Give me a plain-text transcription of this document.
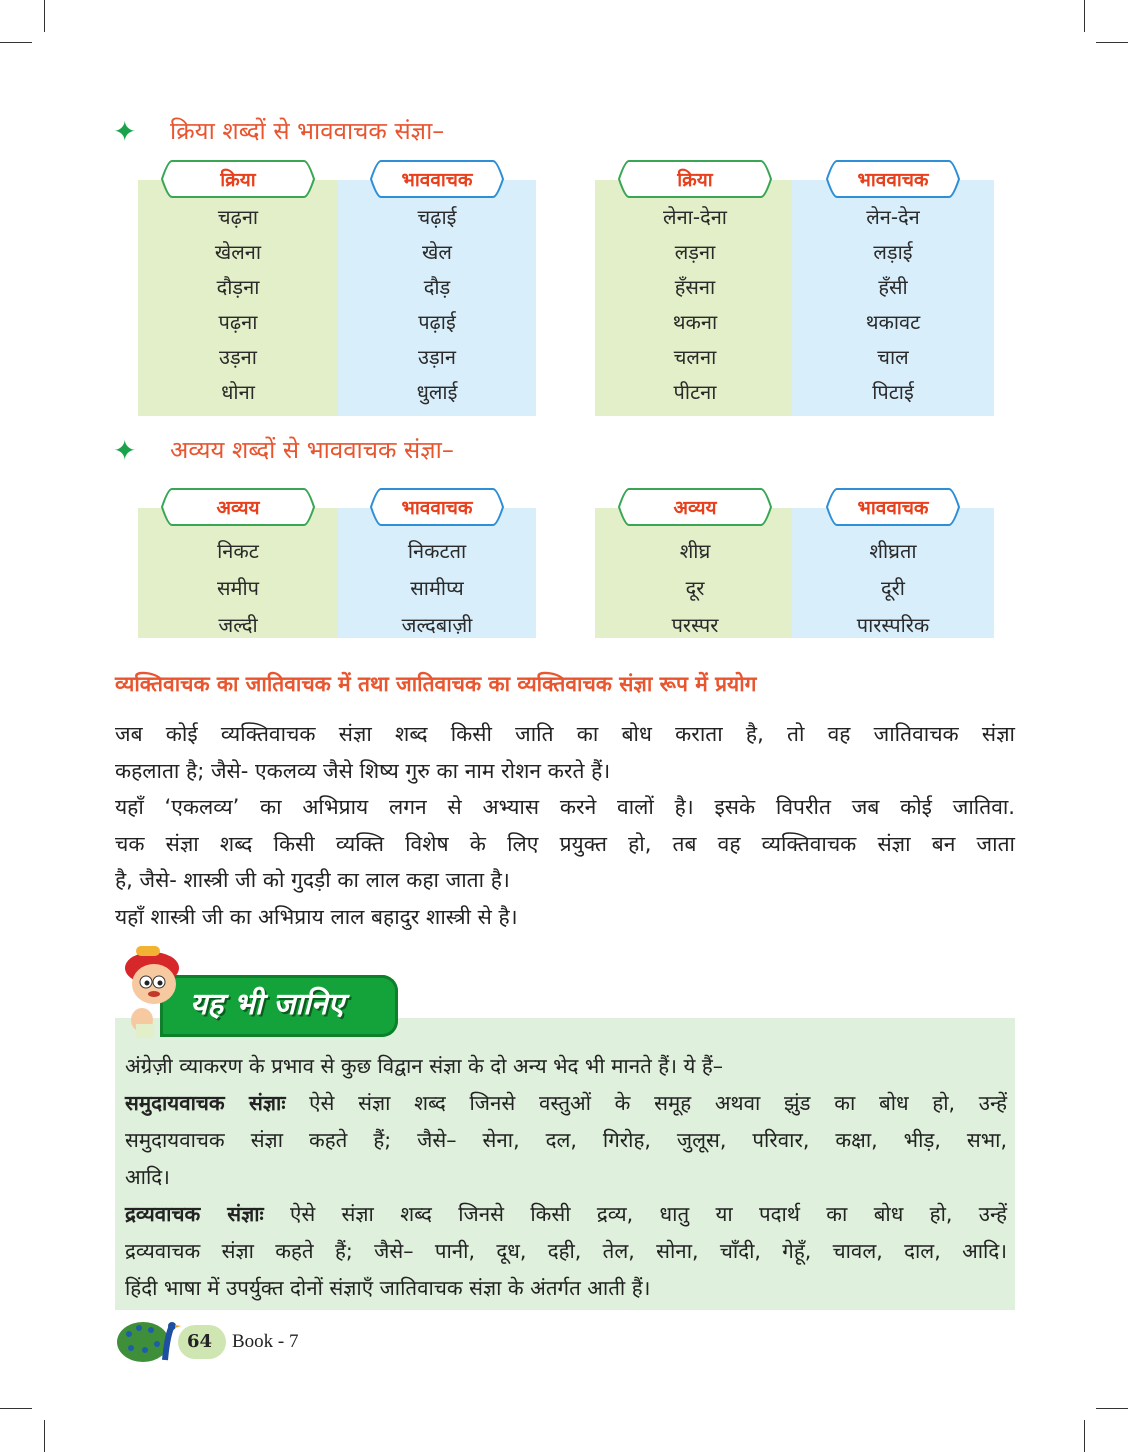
✦ क्रिया शब्दों से भाववाचक संज्ञा–
चढ़ना
खेलना
दौड़ना
पढ़ना
उड़ना
धोना
क्रिया
चढ़ाई
खेल
दौड़
पढ़ाई
उड़ान
धुलाई
भाववाचक
लेना-देना
लड़ना
हँसना
थकना
चलना
पीटना
क्रिया
लेन-देन
लड़ाई
हँसी
थकावट
चाल
पिटाई
भाववाचक
✦ अव्यय शब्दों से भाववाचक संज्ञा–
निकट
समीप
जल्दी
अव्यय
निकटता
सामीप्य
जल्दबाज़ी
भाववाचक
शीघ्र
दूर
परस्पर
अव्यय
शीघ्रता
दूरी
पारस्परिक
भाववाचक
व्यक्तिवाचक का जातिवाचक में तथा जातिवाचक का व्यक्तिवाचक संज्ञा रूप में प्रयोग

जब कोई व्यक्तिवाचक संज्ञा शब्द किसी जाति का बोध कराता है, तो वह जातिवाचक संज्ञा

कहलाता है; जैसे- एकलव्य जैसे शिष्य गुरु का नाम रोशन करते हैं।

यहाँ ‘एकलव्य’ का अभिप्राय लगन से अभ्यास करने वालों है। इसके विपरीत जब कोई जातिवा.

चक संज्ञा शब्द किसी व्यक्ति विशेष के लिए प्रयुक्त हो, तब वह व्यक्तिवाचक संज्ञा बन जाता

है, जैसे- शास्त्री जी को गुदड़ी का लाल कहा जाता है।

यहाँ शास्त्री जी का अभिप्राय लाल बहादुर शास्त्री से है।

यह भी जानिए

अंग्रेज़ी व्याकरण के प्रभाव से कुछ विद्वान संज्ञा के दो अन्य भेद भी मानते हैं। ये हैं–

समुदायवाचक संज्ञाः ऐसे संज्ञा शब्द जिनसे वस्तुओं के समूह अथवा झुंड का बोध हो, उन्हें

समुदायवाचक संज्ञा कहते हैं; जैसे– सेना, दल, गिरोह, जुलूस, परिवार, कक्षा, भीड़, सभा,

आदि।

द्रव्यवाचक संज्ञाः ऐसे संज्ञा शब्द जिनसे किसी द्रव्य, धातु या पदार्थ का बोध हो, उन्हें

द्रव्यवाचक संज्ञा कहते हैं; जैसे– पानी, दूध, दही, तेल, सोना, चाँदी, गेहूँ, चावल, दाल, आदि।

हिंदी भाषा में उपर्युक्त दोनों संज्ञाएँ जातिवाचक संज्ञा के अंतर्गत आती हैं।

64 Book - 7
